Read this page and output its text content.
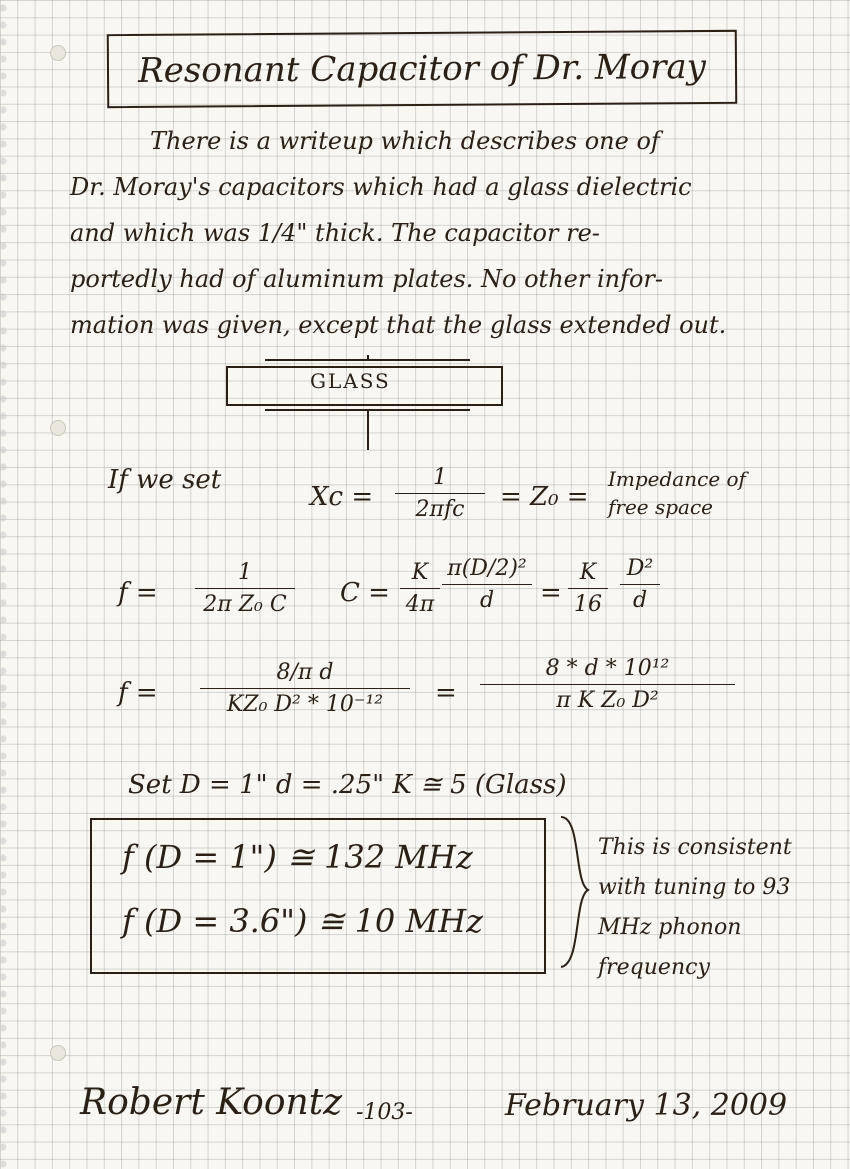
Resonant Capacitor of Dr. Moray
There is a writeup which describes one of
Dr. Moray's capacitors which had a glass dielectric
and which was 1/4" thick. The capacitor re-
portedly had of aluminum plates. No other infor-
mation was given, except that the glass extended out.
GLASS
If we set
Xc =
1
2πfc = Z₀ =
Impedance of
free space
f =
1
2π Z₀ C C =
K
4π
π(D/2)²
d =
K
16
D²
d
f =
8/π d
KZ₀ D² * 10⁻¹² =
8 * d * 10¹²
π K Z₀ D²
Set D = 1" d = .25" K ≅ 5 (Glass)
f (D = 1") ≅ 132 MHz
f (D = 3.6") ≅ 10 MHz
This is consistent with tuning to 93 MHz phonon frequency
Robert Koontz -103-	February 13, 2009
